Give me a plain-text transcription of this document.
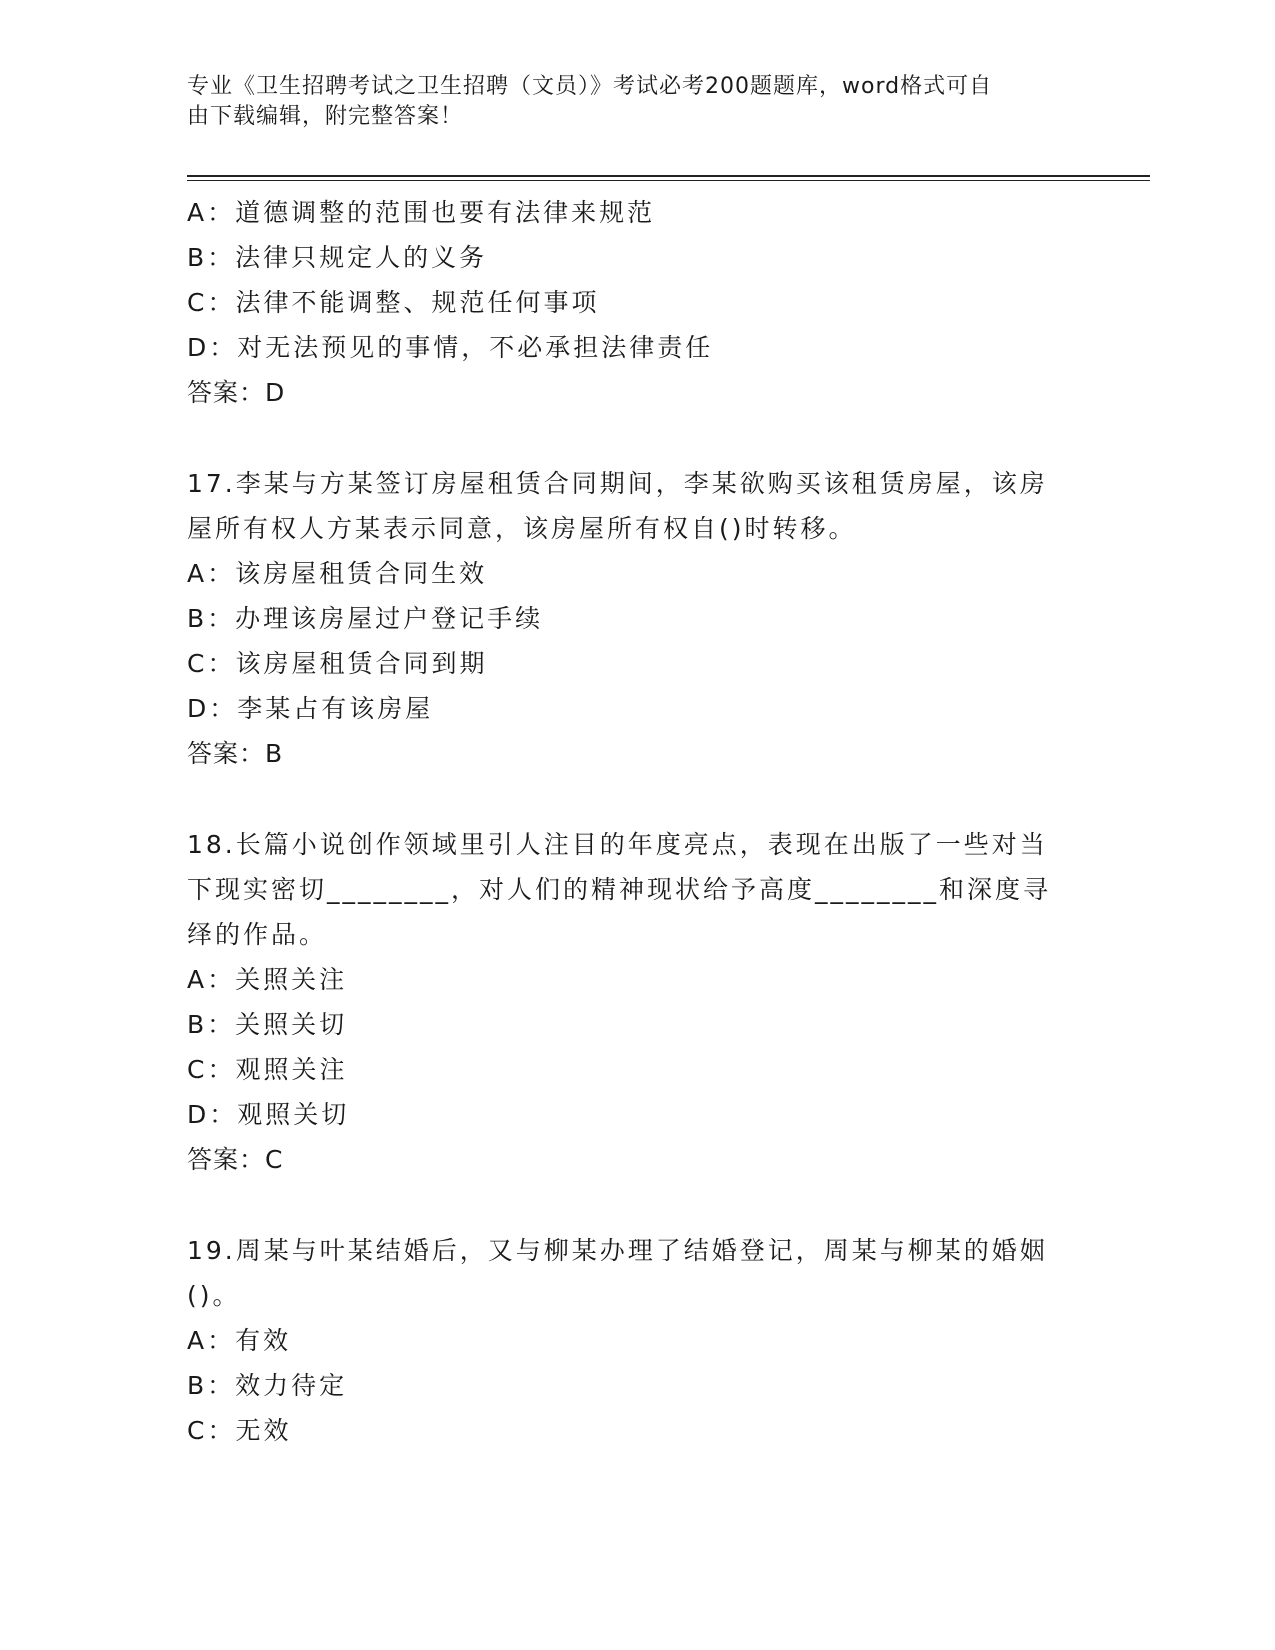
专业《卫生招聘考试之卫生招聘（文员）》考试必考200题题库，word格式可自
由下载编辑，附完整答案！
A：道德调整的范围也要有法律来规范
B：法律只规定人的义务
C：法律不能调整、规范任何事项
D：对无法预见的事情，不必承担法律责任
答案：D
17.李某与方某签订房屋租赁合同期间，李某欲购买该租赁房屋，该房
屋所有权人方某表示同意，该房屋所有权自()时转移。
A：该房屋租赁合同生效
B：办理该房屋过户登记手续
C：该房屋租赁合同到期
D：李某占有该房屋
答案：B
18.长篇小说创作领域里引人注目的年度亮点，表现在出版了一些对当
下现实密切________，对人们的精神现状给予高度________和深度寻
绎的作品。
A：关照关注
B：关照关切
C：观照关注
D：观照关切
答案：C
19.周某与叶某结婚后，又与柳某办理了结婚登记，周某与柳某的婚姻
()。
A：有效
B：效力待定
C：无效
